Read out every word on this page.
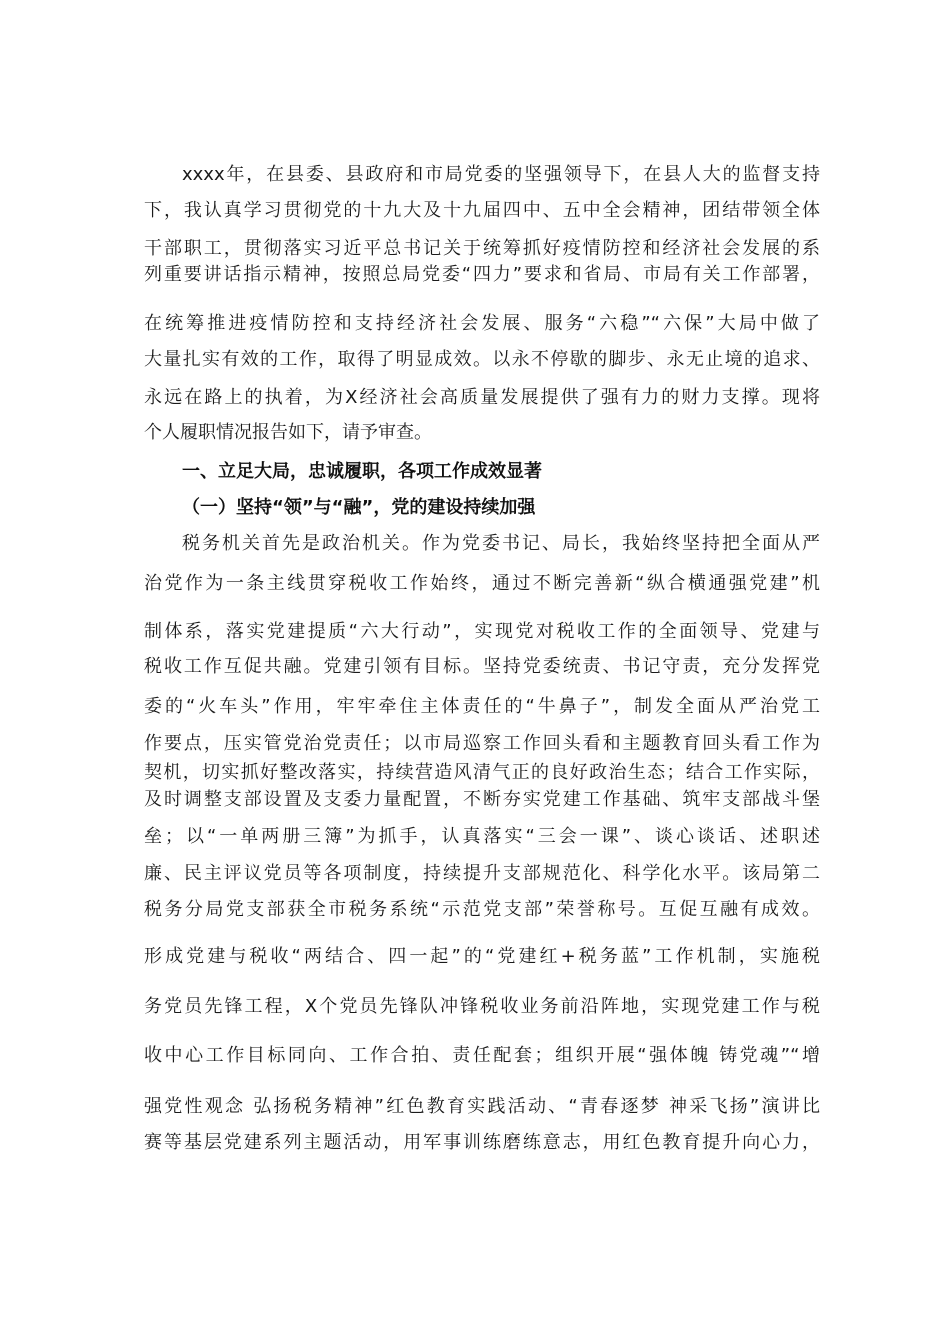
xxxx年，在县委、县政府和市局党委的坚强领导下，在县人大的监督支持
下，我认真学习贯彻党的十九大及十九届四中、五中全会精神，团结带领全体
干部职工，贯彻落实习近平总书记关于统筹抓好疫情防控和经济社会发展的系
列重要讲话指示精神，按照总局党委“四力”要求和省局、市局有关工作部署，
在统筹推进疫情防控和支持经济社会发展、服务“六稳”“六保”大局中做了
大量扎实有效的工作，取得了明显成效。以永不停歇的脚步、永无止境的追求、
永远在路上的执着，为X经济社会高质量发展提供了强有力的财力支撑。现将
个人履职情况报告如下，请予审查。
一、立足大局，忠诚履职，各项工作成效显著
（一）坚持“领”与“融”，党的建设持续加强
税务机关首先是政治机关。作为党委书记、局长，我始终坚持把全面从严
治党作为一条主线贯穿税收工作始终，通过不断完善新“纵合横通强党建”机
制体系，落实党建提质“六大行动”，实现党对税收工作的全面领导、党建与
税收工作互促共融。党建引领有目标。坚持党委统责、书记守责，充分发挥党
委的“火车头”作用，牢牢牵住主体责任的“牛鼻子”，制发全面从严治党工
作要点，压实管党治党责任；以市局巡察工作回头看和主题教育回头看工作为
契机，切实抓好整改落实，持续营造风清气正的良好政治生态；结合工作实际，
及时调整支部设置及支委力量配置，不断夯实党建工作基础、筑牢支部战斗堡
垒；以“一单两册三簿”为抓手，认真落实“三会一课”、谈心谈话、述职述
廉、民主评议党员等各项制度，持续提升支部规范化、科学化水平。该局第二
税务分局党支部获全市税务系统“示范党支部”荣誉称号。互促互融有成效。
形成党建与税收“两结合、四一起”的“党建红+税务蓝”工作机制，实施税
务党员先锋工程，X个党员先锋队冲锋税收业务前沿阵地，实现党建工作与税
收中心工作目标同向、工作合拍、责任配套；组织开展“强体魄 铸党魂”“增
强党性观念 弘扬税务精神”红色教育实践活动、“青春逐梦 神采飞扬”演讲比
赛等基层党建系列主题活动，用军事训练磨练意志，用红色教育提升向心力，
